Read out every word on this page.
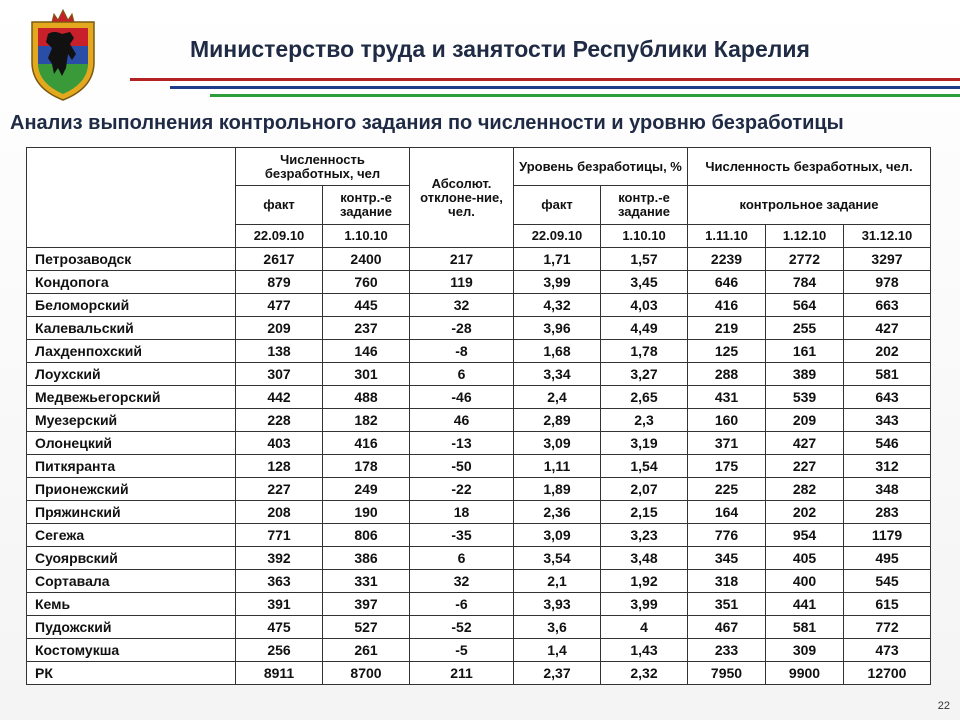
Министерство труда и занятости Республики Карелия
Анализ выполнения контрольного задания по численности и уровню безработицы
	Численность безработных, чел		Абсолют. отклоне-ние, чел.	Уровень безработицы, %		Численность безработных, чел.		
	факт	контр.-е задание		факт	контр.-е задание	контрольное задание		
	22.09.10	1.10.10		22.09.10	1.10.10	1.11.10	1.12.10	31.12.10
Петрозаводск	2617	2400	217	1,71	1,57	2239	2772	3297
Кондопога	879	760	119	3,99	3,45	646	784	978
Беломорский	477	445	32	4,32	4,03	416	564	663
Калевальский	209	237	-28	3,96	4,49	219	255	427
Лахденпохский	138	146	-8	1,68	1,78	125	161	202
Лоухский	307	301	6	3,34	3,27	288	389	581
Медвежьегорский	442	488	-46	2,4	2,65	431	539	643
Муезерский	228	182	46	2,89	2,3	160	209	343
Олонецкий	403	416	-13	3,09	3,19	371	427	546
Питкяранта	128	178	-50	1,11	1,54	175	227	312
Прионежский	227	249	-22	1,89	2,07	225	282	348
Пряжинский	208	190	18	2,36	2,15	164	202	283
Сегежа	771	806	-35	3,09	3,23	776	954	1179
Суоярвский	392	386	6	3,54	3,48	345	405	495
Сортавала	363	331	32	2,1	1,92	318	400	545
Кемь	391	397	-6	3,93	3,99	351	441	615
Пудожский	475	527	-52	3,6	4	467	581	772
Костомукша	256	261	-5	1,4	1,43	233	309	473
РК	8911	8700	211	2,37	2,32	7950	9900	12700
22
